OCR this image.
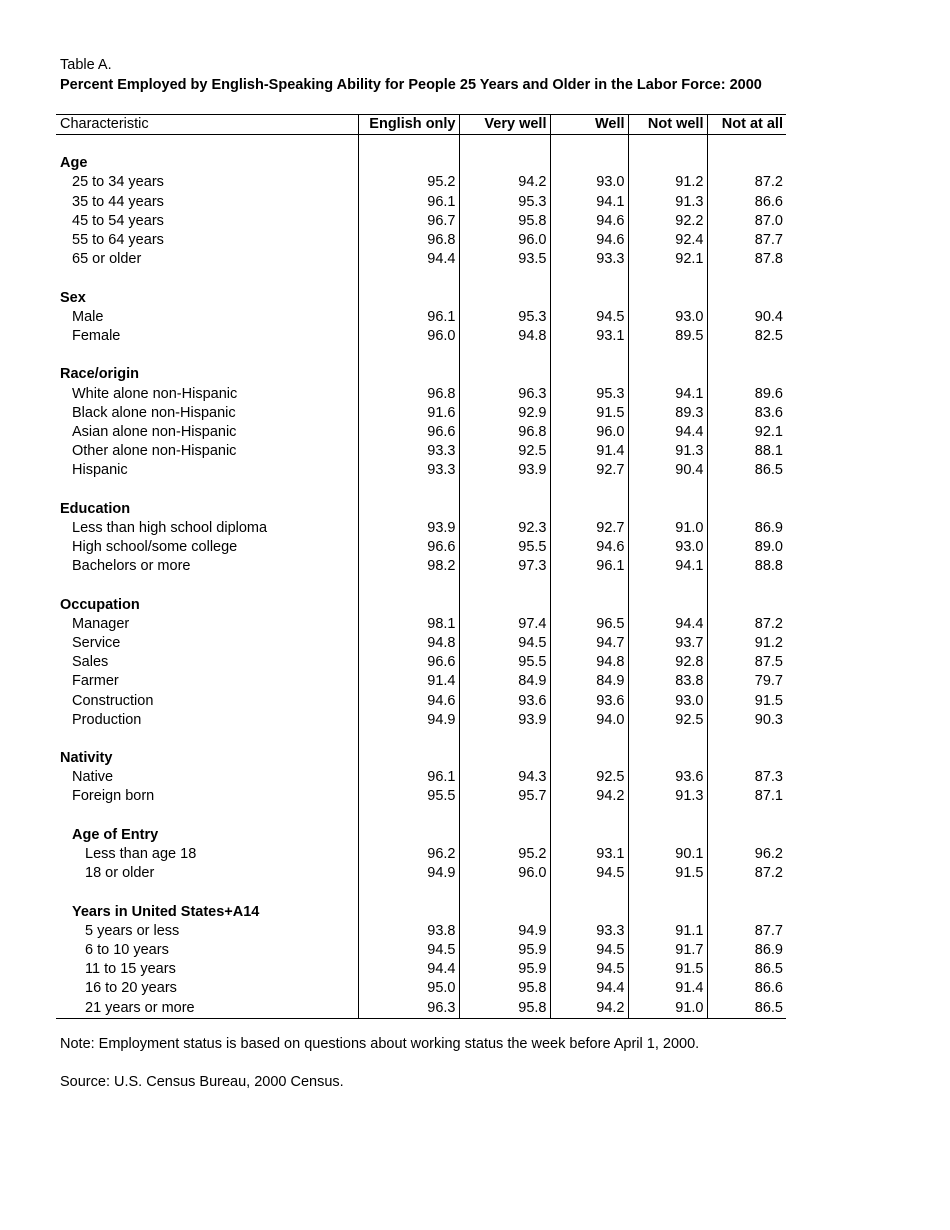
Table A.
Percent Employed by English-Speaking Ability for People 25 Years and Older in the Labor Force: 2000
Characteristic	English only	Very well	Well	Not well	Not at all

Age					
25 to 34 years	95.2	94.2	93.0	91.2	87.2
35 to 44 years	96.1	95.3	94.1	91.3	86.6
45 to 54 years	96.7	95.8	94.6	92.2	87.0
55 to 64 years	96.8	96.0	94.6	92.4	87.7
65 or older	94.4	93.5	93.3	92.1	87.8

Sex					
Male	96.1	95.3	94.5	93.0	90.4
Female	96.0	94.8	93.1	89.5	82.5

Race/origin					
White alone non-Hispanic	96.8	96.3	95.3	94.1	89.6
Black alone non-Hispanic	91.6	92.9	91.5	89.3	83.6
Asian alone non-Hispanic	96.6	96.8	96.0	94.4	92.1
Other alone non-Hispanic	93.3	92.5	91.4	91.3	88.1
Hispanic	93.3	93.9	92.7	90.4	86.5

Education					
Less than high school diploma	93.9	92.3	92.7	91.0	86.9
High school/some college	96.6	95.5	94.6	93.0	89.0
Bachelors or more	98.2	97.3	96.1	94.1	88.8

Occupation					
Manager	98.1	97.4	96.5	94.4	87.2
Service	94.8	94.5	94.7	93.7	91.2
Sales	96.6	95.5	94.8	92.8	87.5
Farmer	91.4	84.9	84.9	83.8	79.7
Construction	94.6	93.6	93.6	93.0	91.5
Production	94.9	93.9	94.0	92.5	90.3

Nativity					
Native	96.1	94.3	92.5	93.6	87.3
Foreign born	95.5	95.7	94.2	91.3	87.1

Age of Entry					
Less than age 18	96.2	95.2	93.1	90.1	96.2
18 or older	94.9	96.0	94.5	91.5	87.2

Years in United States+A14					
5 years or less	93.8	94.9	93.3	91.1	87.7
6 to 10 years	94.5	95.9	94.5	91.7	86.9
11 to 15 years	94.4	95.9	94.5	91.5	86.5
16 to 20 years	95.0	95.8	94.4	91.4	86.6
21 years or more	96.3	95.8	94.2	91.0	86.5
Note: Employment status is based on questions about working status the week before April 1, 2000.
Source: U.S. Census Bureau, 2000 Census.
